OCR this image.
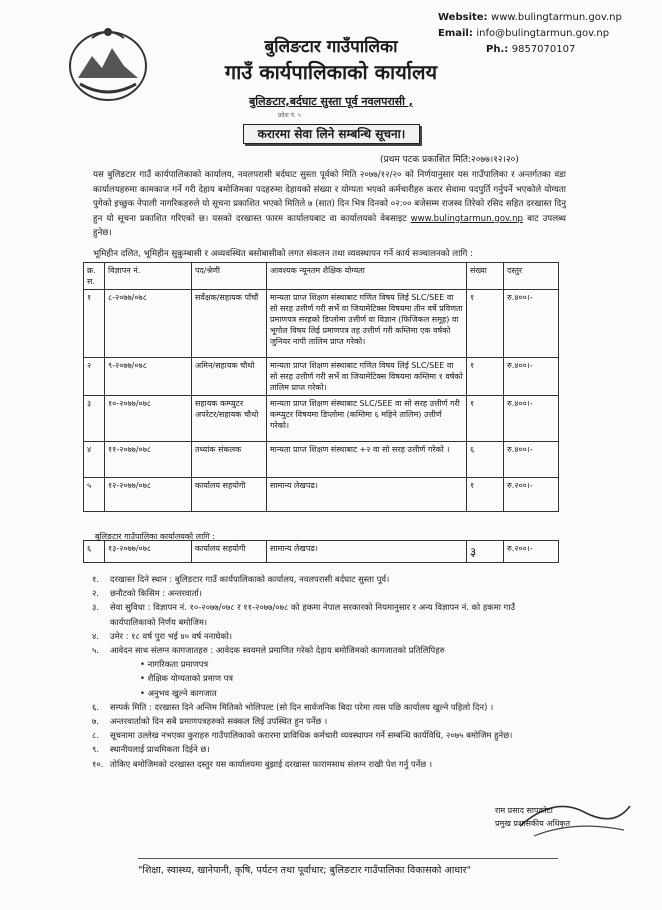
बुलिङटार गाउँपालिका
गाउँ कार्यपालिकाको कार्यालय
बुलिङटार,बर्दघाट सुस्ता पूर्व नवलपरासी ,
प्रदेश नं. ५
Website: www.bulingtarmun.gov.np
Email: info@bulingtarmun.gov.np
Ph.: 9857070107
करारमा सेवा लिने सम्बन्धि सूचना।
(प्रथम पटक प्रकाशित मिति:२०७७।१२।२०)
यस बुलिङटार गाउँ कार्यपालिकाको कार्यालय, नवलपरासी बर्दघाट सुस्ता पूर्वको मिति २०७७/१२/२० को निर्णयानुसार यस गाउँपालिका र अन्तर्गतका वडा कार्यालयहरुमा कामकाज गर्ने गरी देहाय बमोजिमका पदहरुमा देहायको संख्या र योग्यता भएको कर्मचारीहरु करार सेवामा पदपुर्ति गर्नुपर्ने भएकोले योग्यता पुगेको इच्छुक नेपाली नागरिकहरुले यो सूचना प्रकाशित भएको मितिले ७ (सात) दिन भित्र दिनको ०२:०० बजेसम्म राजस्व तिरेको रसिद सहित दरखास्त दिनु हुन यो सूचना प्रकाशित गरिएको छ। यसको दरखास्त फारम कार्यालयबाट वा कार्यालयको वेबसाइट www.bulingtarmun.gov.np बाट उपलब्ध हुनेछ।
भूमिहीन दलित, भूमिहीन सुकुम्बासी र अव्यवस्थित बसोबासीको लगत संकलन तथा व्यवस्थापन गर्ने कार्य सञ्चालनको लागि :
क्र. स.	विज्ञापन नं.	पद/श्रेणी	आवश्यक न्यूनतम शैक्षिक योग्यता	संख्या	दस्तुर
१	८-२०७७/०७८	सर्वेक्षक/सहायक पाँचौं	मान्यता प्राप्त शिक्षण संस्थाबाट गणित विषय लिई SLC/SEE वा सो सरह उत्तीर्ण गरी सर्भे वा जियामेटिक्स विषयमा तीन वर्षे प्रविणता प्रमाणपत्र सरहको डिप्लोमा उत्तीर्ण वा विज्ञान (फिजिकल समूह) वा भूगोल विषय लिई प्रमाणपत्र तह उत्तीर्ण गरी कम्तिमा एक वर्षको जुनियर नापी तालिम प्राप्त गरेको।	१	रु.४००।-
२	९-२०७७/०७८	अमिन/सहायक चौथो	मान्यता प्राप्त शिक्षण संस्थाबाट गणित विषय लिई SLC/SEE वा सो सरह उत्तीर्ण गरी सर्भे वा जियामेटिक्स विषयमा कम्तिमा १ वर्षको तालिम प्राप्त गरेको।	१	रु.४००।-
३	१०-२०७७/०७८	सहायक कम्प्युटर अपरेटर/सहायक चौथो	मान्यता प्राप्त शिक्षण संस्थाबाट SLC/SEE वा सो सरह उत्तीर्ण गरी कम्प्युटर विषयमा डिप्लोमा (कम्तिमा ६ महिने तालिम) उत्तीर्ण गरेको।	१	रु.४००।-
४	११-२०७७/०७८	तथ्यांक संकलक	मान्यता प्राप्त शिक्षण संस्थाबाट +२ वा सो सरह उत्तीर्ण गरेको ।	६	रु.४००।-
५	१२-२०७७/०७८	कार्यालय सहयोगी	सामान्य लेखपढ।	१	रु.२००।-
बुलिङटार गाउँपालिका कार्यालयको लागि :
६	१३-२०७७/०७८	कार्यालय सहयोगी	सामान्य लेखपढ।	३	रु.२००।-
१.	दरखास्त दिने स्थान : बुलिङटार गाउँ कार्यपालिकाको कार्यालय, नवलपरासी बर्दघाट सुस्ता पूर्व।
२.	छनौटको किसिम : अन्तरवार्ता।
३.	सेवा सुविधा : विज्ञापन नं. १०-२०७७/०७८ र ११-२०७७/०७८ को हकमा नेपाल सरकारको नियमानुसार र अन्य विज्ञापन नं. को हकमा गाउँ कार्यपालिकाको निर्णय बमोजिम।
४.	उमेर : १८ वर्ष पुरा भई ४० वर्ष ननाघेको।
५.	आवेदन साथ संलग्न कागजातहरु : आवेदक स्वयमले प्रमाणित गरेको देहाय बमोजिमको कागजातको प्रतिलिपिहरु
• नागरिकता प्रमाणपत्र
• शैक्षिक योग्यताको प्रमाण पत्र
• अनुभव खुल्ने कागजात
६.	सम्पर्क मिति : दरखास्त दिने अन्तिम मितिको भोलिपल्ट (सो दिन सार्वजनिक बिदा परेमा त्यस पछि कार्यालय खुल्ने पहिलो दिन) ।
७.	अन्तरवार्ताको दिन सबै प्रमाणपत्रहरुको सक्कल लिई उपस्थित हुन पर्नेछ ।
८.	सूचनामा उल्लेख नभएका कुराहरु गाउँपालिकाको करारमा प्राविधिक कर्मचारी व्यवस्थापन गर्ने सम्बन्धि कार्यविधि, २०७५ बमोजिम हुनेछ।
९.	स्थानीयलाई प्राथमिकता दिईने छ।
१०. तोकिए बमोजिमको दरखास्त दस्तुर यस कार्यालयमा बुझाई दरखास्त फारामसाथ संलग्न राखी पेश गर्नु पर्नेछ ।
राम प्रसाद सापकोटा
प्रमुख प्रशासकीय अधिकृत
"शिक्षा, स्वास्थ्य, खानेपानी, कृषि, पर्यटन तथा पूर्वाधार; बुलिङटार गाउँपालिका विकासको आधार"
